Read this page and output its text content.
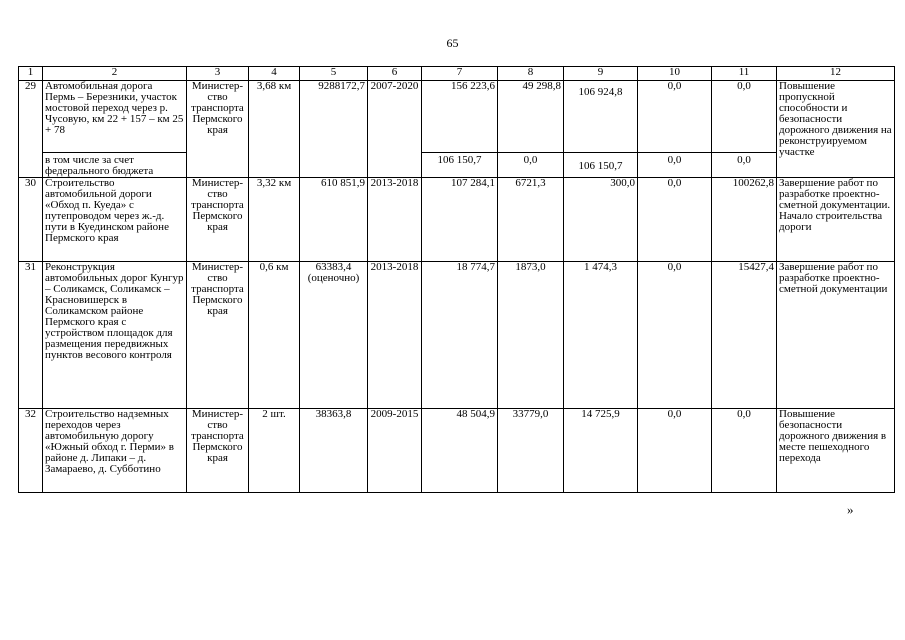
65
1	2	3	4	5	6	7	8	9	10	11	12
29	Автомобильная дорога Пермь – Березники, участок мостовой переход через р. Чусовую, км 22 + 157 – км 25 + 78	Министер-ство транспорта Пермского края	3,68 км	9288172,7	2007-2020	156 223,6	49 298,8	106 924,8	0,0	0,0	Повышение пропускной способности и безопасности дорожного движения на реконструируемом участке
	в том числе за счет федерального бюджета					106 150,7	0,0	106 150,7	0,0	0,0	
30	Строительство автомобильной дороги «Обход п. Куеда» с путепроводом через ж.-д. пути в Куединском районе Пермского края	Министер-ство транспорта Пермского края	3,32 км	610 851,9	2013-2018	107 284,1	6721,3	300,0	0,0	100262,8	Завершение работ по разработке проектно-сметной документации. Начало строительства дороги
31	Реконструкция автомобильных дорог Кунгур – Соликамск, Соликамск – Красновишерск в Соликамском районе Пермского края с устройством площадок для размещения передвижных пунктов весового контроля	Министер-ство транспорта Пермского края	0,6 км	63383,4
(оценочно)	2013-2018	18 774,7	1873,0	1 474,3	0,0	15427,4	Завершение работ по разработке проектно-сметной документации
32	Строительство надземных переходов через автомобильную дорогу «Южный обход г. Перми» в районе д. Липаки – д. Замарaево, д. Субботино	Министер-ство транспорта Пермского края	2 шт.	38363,8	2009-2015	48 504,9	33779,0	14 725,9	0,0	0,0	Повышение безопасности дорожного движения в месте пешеходного перехода
»
